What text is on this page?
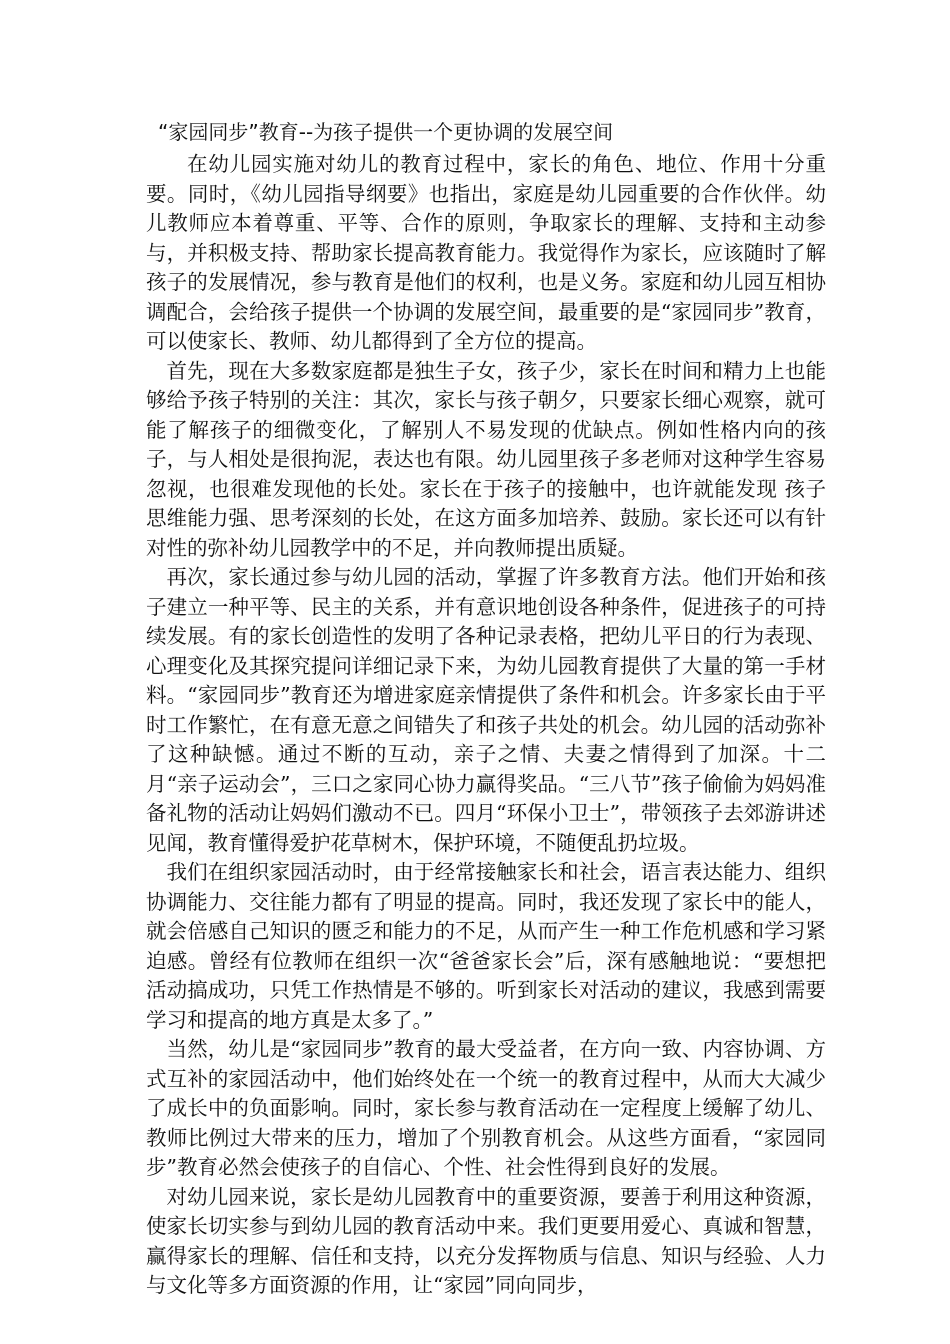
“家园同步”教育--为孩子提供一个更协调的发展空间

在幼儿园实施对幼儿的教育过程中，家长的角色、地位、作用十分重要。同时，《幼儿园指导纲要》也指出，家庭是幼儿园重要的合作伙伴。幼儿教师应本着尊重、平等、合作的原则，争取家长的理解、支持和主动参与，并积极支持、帮助家长提高教育能力。我觉得作为家长，应该随时了解孩子的发展情况，参与教育是他们的权利，也是义务。家庭和幼儿园互相协调配合，会给孩子提供一个协调的发展空间，最重要的是“家园同步”教育，可以使家长、教师、幼儿都得到了全方位的提高。

首先，现在大多数家庭都是独生子女，孩子少，家长在时间和精力上也能够给予孩子特别的关注：其次，家长与孩子朝夕，只要家长细心观察，就可能了解孩子的细微变化，了解别人不易发现的优缺点。例如性格内向的孩子，与人相处是很拘泥，表达也有限。幼儿园里孩子多老师对这种学生容易忽视，也很难发现他的长处。家长在于孩子的接触中，也许就能发现 孩子思维能力强、思考深刻的长处，在这方面多加培养、鼓励。家长还可以有针对性的弥补幼儿园教学中的不足，并向教师提出质疑。

再次，家长通过参与幼儿园的活动，掌握了许多教育方法。他们开始和孩子建立一种平等、民主的关系，并有意识地创设各种条件，促进孩子的可持续发展。有的家长创造性的发明了各种记录表格，把幼儿平日的行为表现、心理变化及其探究提问详细记录下来，为幼儿园教育提供了大量的第一手材料。“家园同步”教育还为增进家庭亲情提供了条件和机会。许多家长由于平时工作繁忙，在有意无意之间错失了和孩子共处的机会。幼儿园的活动弥补了这种缺憾。通过不断的互动，亲子之情、夫妻之情得到了加深。十二月“亲子运动会”，三口之家同心协力赢得奖品。“三八节”孩子偷偷为妈妈准备礼物的活动让妈妈们激动不已。四月“环保小卫士”，带领孩子去郊游讲述见闻，教育懂得爱护花草树木，保护环境，不随便乱扔垃圾。

我们在组织家园活动时，由于经常接触家长和社会，语言表达能力、组织协调能力、交往能力都有了明显的提高。同时，我还发现了家长中的能人，就会倍感自己知识的匮乏和能力的不足，从而产生一种工作危机感和学习紧迫感。曾经有位教师在组织一次“爸爸家长会”后，深有感触地说：“要想把活动搞成功，只凭工作热情是不够的。听到家长对活动的建议，我感到需要学习和提高的地方真是太多了。”

当然，幼儿是“家园同步”教育的最大受益者，在方向一致、内容协调、方式互补的家园活动中，他们始终处在一个统一的教育过程中，从而大大减少了成长中的负面影响。同时，家长参与教育活动在一定程度上缓解了幼儿、教师比例过大带来的压力，增加了个别教育机会。从这些方面看，“家园同步”教育必然会使孩子的自信心、个性、社会性得到良好的发展。

对幼儿园来说，家长是幼儿园教育中的重要资源，要善于利用这种资源，使家长切实参与到幼儿园的教育活动中来。我们更要用爱心、真诚和智慧，赢得家长的理解、信任和支持，以充分发挥物质与信息、知识与经验、人力与文化等多方面资源的作用，让“家园”同向同步，
